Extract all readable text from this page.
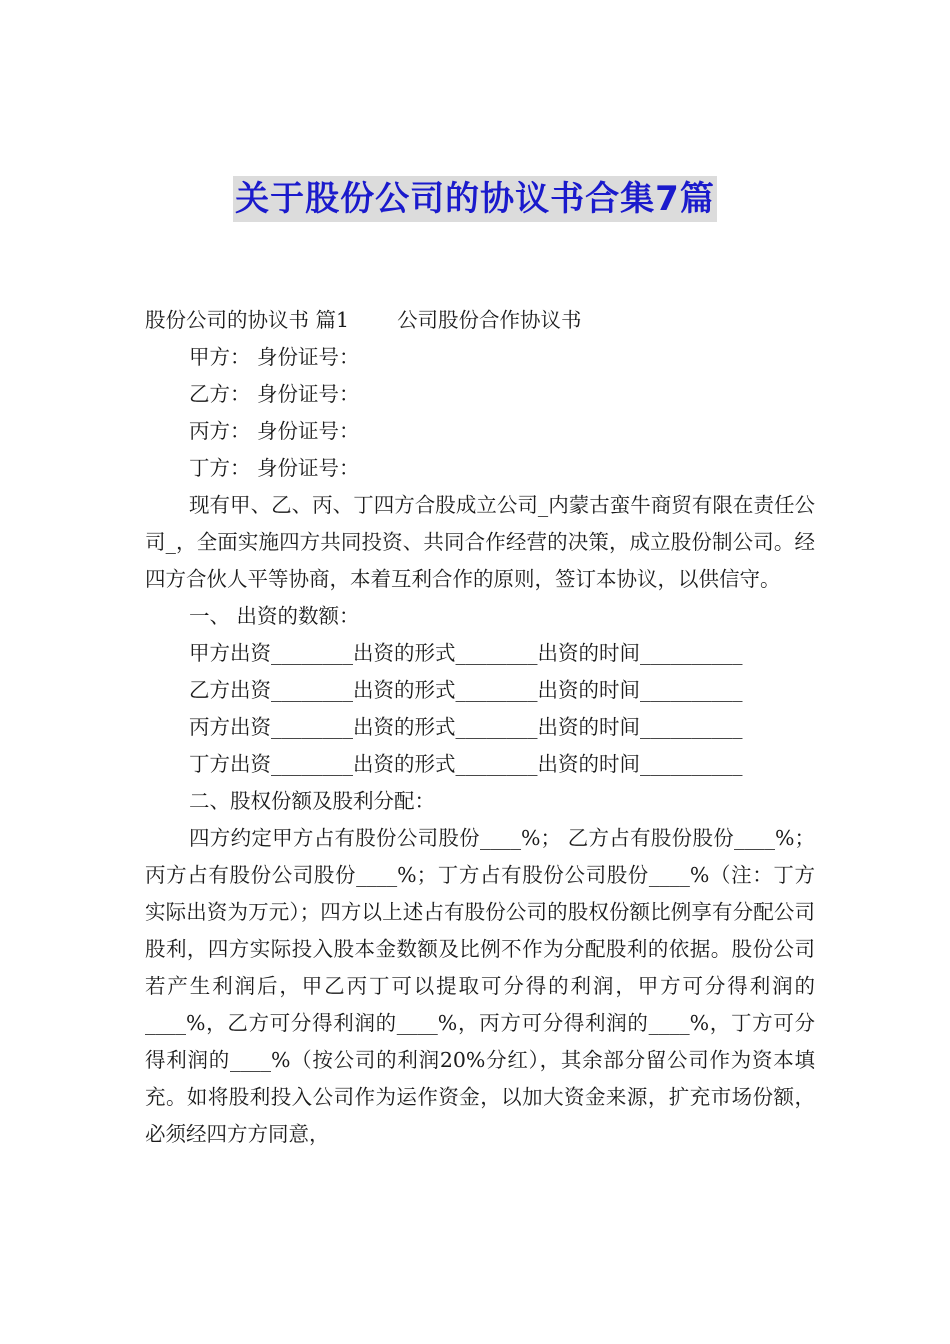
关于股份公司的协议书合集7篇
股份公司的协议书 篇1 公司股份合作协议书
甲方： 身份证号：
乙方： 身份证号：
丙方： 身份证号：
丁方： 身份证号：
现有甲、乙、丙、丁四方合股成立公司_内蒙古蛮牛商贸有限在责任公司_，全面实施四方共同投资、共同合作经营的决策，成立股份制公司。经四方合伙人平等协商，本着互利合作的原则，签订本协议，以供信守。
一、 出资的数额：
甲方出资________出资的形式________出资的时间__________
乙方出资________出资的形式________出资的时间__________
丙方出资________出资的形式________出资的时间__________
丁方出资________出资的形式________出资的时间__________
二、股权份额及股利分配：
四方约定甲方占有股份公司股份____%； 乙方占有股份股份____%；丙方占有股份公司股份____%；丁方占有股份公司股份____%（注：丁方实际出资为万元）；四方以上述占有股份公司的股权份额比例享有分配公司股利，四方实际投入股本金数额及比例不作为分配股利的依据。股份公司若产生利润后，甲乙丙丁可以提取可分得的利润，甲方可分得利润的____%，乙方可分得利润的____%，丙方可分得利润的____%，丁方可分得利润的____%（按公司的利润20%分红），其余部分留公司作为资本填充。如将股利投入公司作为运作资金，以加大资金来源，扩充市场份额，必须经四方方同意，
